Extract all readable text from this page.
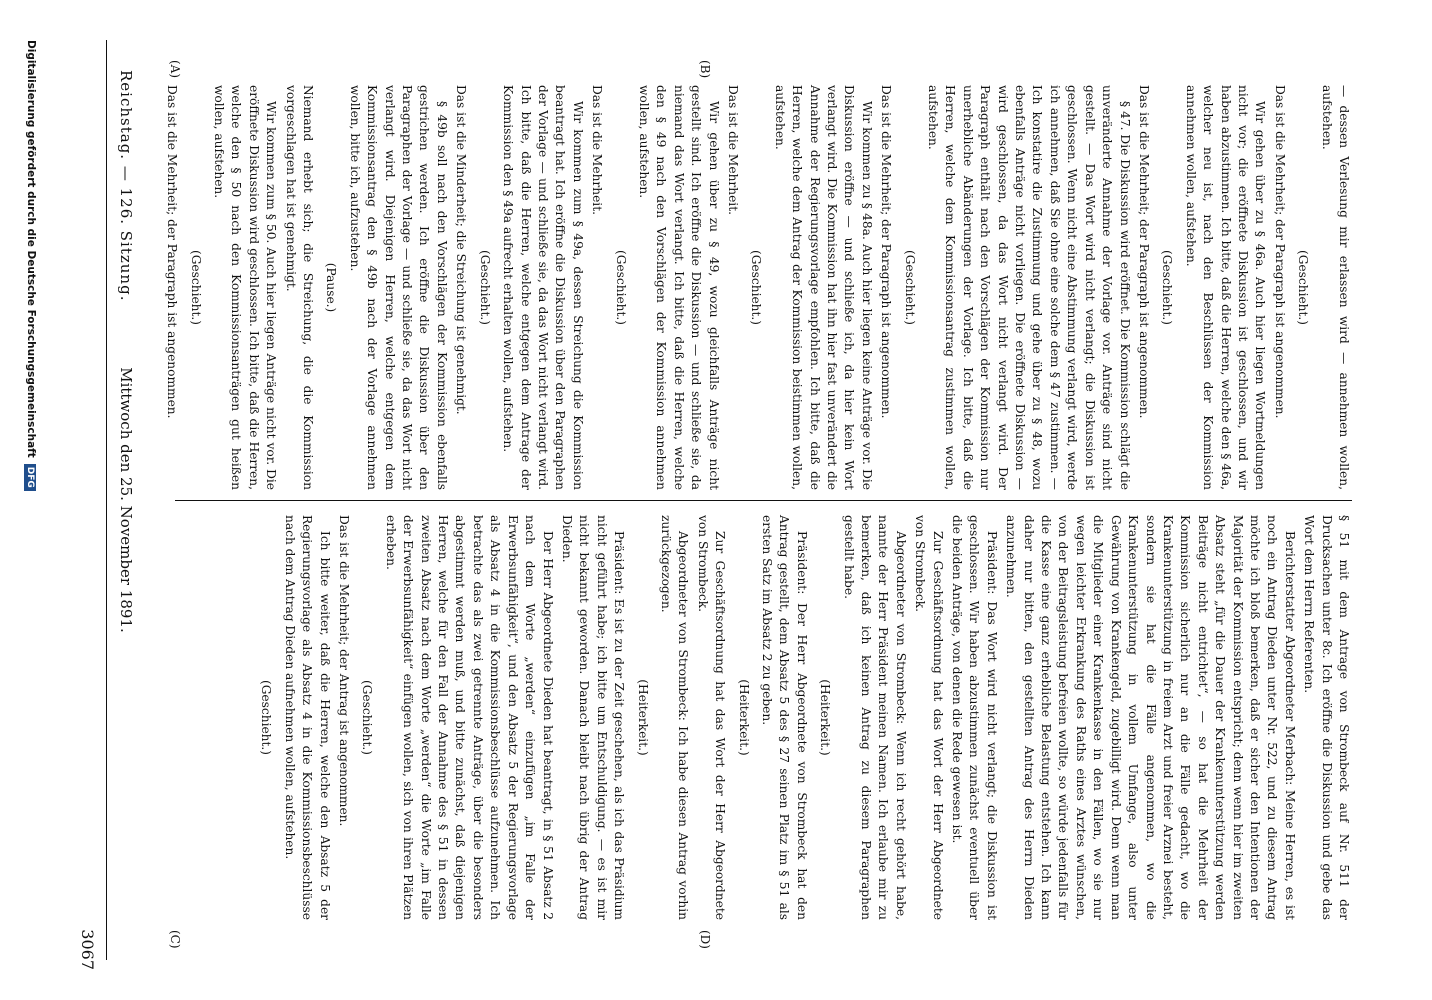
Reichstag. — 126. Sitzung.
Mittwoch den 25. November 1891.
3067
(A)	(B)
(C)	(D)

— dessen Verlesung mir erlassen wird — annehmen wollen, aufstehen.

(Geschieht.)

Das ist die Mehrheit; der Paragraph ist angenommen.

Wir gehen über zu § 46a. Auch hier liegen Wortmeldungen nicht vor; die eröffnete Diskussion ist geschlossen, und wir haben abzustimmen. Ich bitte, daß die Herren, welche den § 46a, welcher neu ist, nach den Beschlüssen der Kommission annehmen wollen, aufstehen.

(Geschieht.)

Das ist die Mehrheit; der Paragraph ist angenommen.

§ 47. Die Diskussion wird eröffnet. Die Kommission schlägt die unveränderte Annahme der Vorlage vor. Anträge sind nicht gestellt. — Das Wort wird nicht verlangt; die Diskussion ist geschlossen. Wenn nicht eine Abstimmung verlangt wird, werde ich annehmen, daß Sie ohne eine solche dem § 47 zustimmen. — Ich konstatire die Zustimmung und gehe über zu § 48, wozu ebenfalls Anträge nicht vorliegen. Die eröffnete Diskussion — wird geschlossen, da das Wort nicht verlangt wird. Der Paragraph enthält nach den Vorschlägen der Kommission nur unerhebliche Abänderungen der Vorlage. Ich bitte, daß die Herren, welche dem Kommissionsantrag zustimmen wollen, aufstehen.

(Geschieht.)

Das ist die Mehrheit; der Paragraph ist angenommen.

Wir kommen zu § 48a. Auch hier liegen keine Anträge vor. Die Diskussion eröffne — und schließe ich, da hier kein Wort verlangt wird. Die Kommission hat ihn hier fast unverändert die Annahme der Regierungsvorlage empfohlen. Ich bitte, daß die Herren, welche dem Antrag der Kommission beistimmen wollen, aufstehen.

(Geschieht.)

Das ist die Mehrheit.

Wir gehen über zu § 49, wozu gleichfalls Anträge nicht gestellt sind. Ich eröffne die Diskussion — und schließe sie, da niemand das Wort verlangt. Ich bitte, daß die Herren, welche den § 49 nach den Vorschlägen der Kommission annehmen wollen, aufstehen.

(Geschieht.)

Das ist die Mehrheit.

Wir kommen zum § 49a, dessen Streichung die Kommission beantragt hat. Ich eröffne die Diskussion über den Paragraphen der Vorlage — und schließe sie, da das Wort nicht verlangt wird. Ich bitte, daß die Herren, welche entgegen dem Antrage der Kommission den § 49a aufrecht erhalten wollen, aufstehen.

(Geschieht.)

Das ist die Minderheit; die Streichung ist genehmigt.

§ 49b soll nach den Vorschlägen der Kommission ebenfalls gestrichen werden. Ich eröffne die Diskussion über den Paragraphen der Vorlage — und schließe sie, da das Wort nicht verlangt wird. Diejenigen Herren, welche entgegen dem Kommissionsantrag den § 49b nach der Vorlage annehmen wollen, bitte ich, aufzustehen.

(Pause.)

Niemand erhebt sich; die Streichung, die die Kommission vorgeschlagen hat ist genehmigt.

Wir kommen zum § 50. Auch hier liegen Anträge nicht vor. Die eröffnete Diskussion wird geschlossen. Ich bitte, daß die Herren, welche den § 50 nach den Kommissionsanträgen gut heißen wollen, aufstehen.

(Geschieht.)

Das ist die Mehrheit; der Paragraph ist angenommen.

§ 51 mit dem Antrage von Strombeck auf Nr. 511 der Drucksachen unter 8c. Ich eröffne die Diskussion und gebe das Wort dem Herrn Referenten.

Berichterstatter Abgeordneter Merbach: Meine Herren, es ist noch ein Antrag Dieden unter Nr. 522, und zu diesem Antrag möchte ich bloß bemerken, daß er sicher den Intentionen der Majorität der Kommission entspricht; denn wenn hier im zweiten Absatz steht „für die Dauer der Krankenunterstützung werden Beiträge nicht entrichtet“, — so hat die Mehrheit der Kommission sicherlich nur an die Fälle gedacht, wo die Krankenunterstützung in freiem Arzt und freier Arznei besteht, sondern sie hat die Fälle angenommen, wo die Krankenunterstützung in vollem Umfange, also unter Gewährung von Krankengeld, zugebilligt wird. Denn wenn man die Mitglieder einer Krankenkasse in den Fällen, wo sie nur wegen leichter Erkrankung des Raths eines Arztes wünschen, von der Beitragsleistung befreien wollte, so würde jedenfalls für die Kasse eine ganz erhebliche Belastung entstehen. Ich kann daher nur bitten, den gestellten Antrag des Herrn Dieden anzunehmen.

Präsident: Das Wort wird nicht verlangt; die Diskussion ist geschlossen. Wir haben abzustimmen zunächst eventuell über die beiden Anträge, von denen die Rede gewesen ist.

Zur Geschäftsordnung hat das Wort der Herr Abgeordnete von Strombeck.

Abgeordneter von Strombeck: Wenn ich recht gehört habe, nannte der Herr Präsident meinen Namen. Ich erlaube mir zu bemerken, daß ich keinen Antrag zu diesem Paragraphen gestellt habe.

(Heiterkeit.)

Präsident: Der Herr Abgeordnete von Strombeck hat den Antrag gestellt, dem Absatz 5 des § 27 seinen Platz im § 51 als ersten Satz im Absatz 2 zu geben.

(Heiterkeit.)

Zur Geschäftsordnung hat das Wort der Herr Abgeordnete von Strombeck.

Abgeordneter von Strombeck: Ich habe diesen Antrag vorhin zurückgezogen.

(Heiterkeit.)

Präsident: Es ist zu der Zeit geschehen, als ich das Präsidium nicht geführt habe; ich bitte um Entschuldigung. — es ist mir nicht bekannt geworden. Danach bleibt nach übrig der Antrag Dieden.

Der Herr Abgeordnete Dieden hat beantragt, in § 51 Absatz 2 nach dem Worte „werden“ einzufügen „im Falle der Erwerbsunfähigkeit“, und den Absatz 5 der Regierungsvorlage als Absatz 4 in die Kommissionsbeschlüsse aufzunehmen. Ich betrachte das als zwei getrennte Anträge, über die besonders abgestimmt werden muß, und bitte zunächst, daß diejenigen Herren, welche für den Fall der Annahme des § 51 in dessen zweiten Absatz nach dem Worte „werden“ die Worte „im Falle der Erwerbsunfähigkeit“ einfügen wollen, sich von ihren Plätzen erheben.

(Geschieht.)

Das ist die Mehrheit; der Antrag ist angenommen.

Ich bitte weiter, daß die Herren, welche den Absatz 5 der Regierungsvorlage als Absatz 4 in die Kommissionsbeschlüsse nach dem Antrag Dieden aufnehmen wollen, aufstehen.

(Geschieht.)

Digitalisierung gefördert durch die Deutsche ForschungsgemeinschaftDFG
